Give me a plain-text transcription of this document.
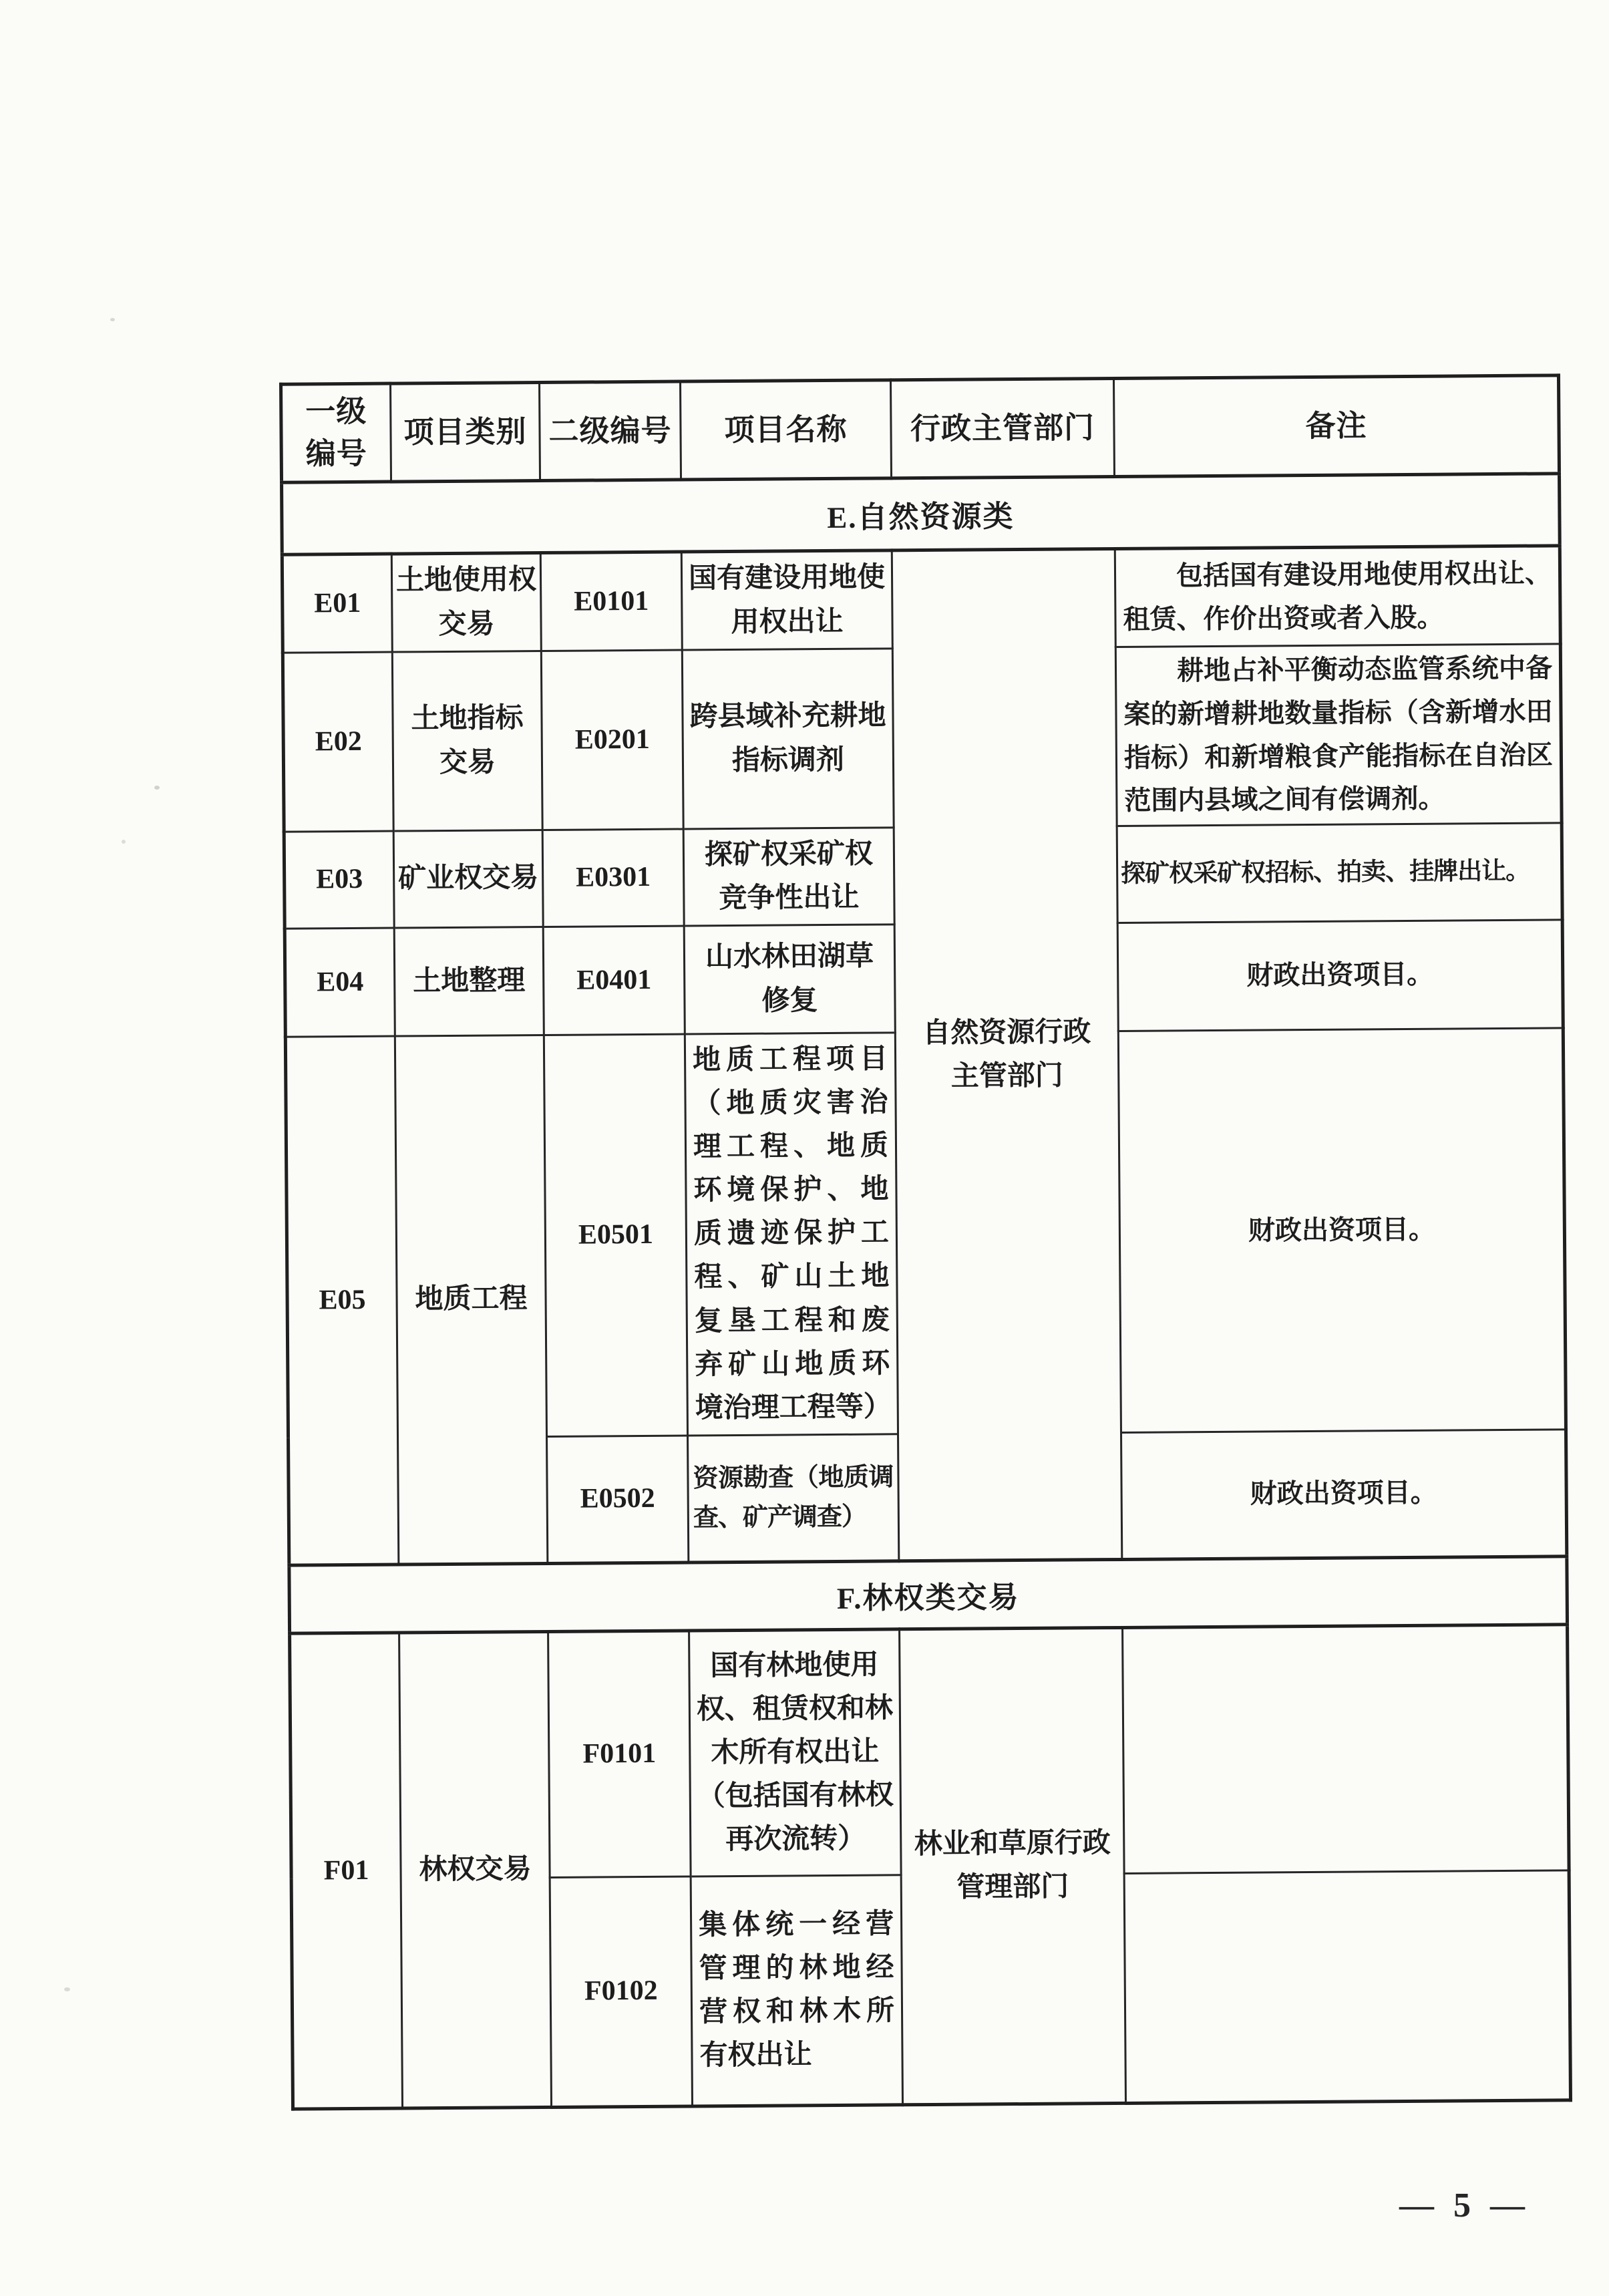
一级编号	项目类别	二级编号	项目名称	行政主管部门	备注
E.自然资源类					
E01	土地使用权交易	E0101	国有建设用地使用权出让	自然资源行政主管部门	包括国有建设用地使用权出让、租赁、作价出资或者入股。
E02	土地指标交易	E0201	跨县域补充耕地指标调剂		耕地占补平衡动态监管系统中备案的新增耕地数量指标（含新增水田指标）和新增粮食产能指标在自治区范围内县域之间有偿调剂。
E03	矿业权交易	E0301	探矿权采矿权竞争性出让		探矿权采矿权招标、拍卖、挂牌出让。
E04	土地整理	E0401	山水林田湖草修复		财政出资项目。
E05	地质工程	E0501	地质工程项目（地质灾害治理工程、地质环境保护、地质遗迹保护工程、矿山土地复垦工程和废弃矿山地质环境治理工程等）		财政出资项目。
		E0502	资源勘查（地质调查、矿产调查）		财政出资项目。
F.林权类交易					
F01	林权交易	F0101	国有林地使用权、租赁权和林木所有权出让（包括国有林权再次流转）	林业和草原行政管理部门	
		F0102	集体统一经营管理的林地经营权和林木所有权出让		
— 5 —
